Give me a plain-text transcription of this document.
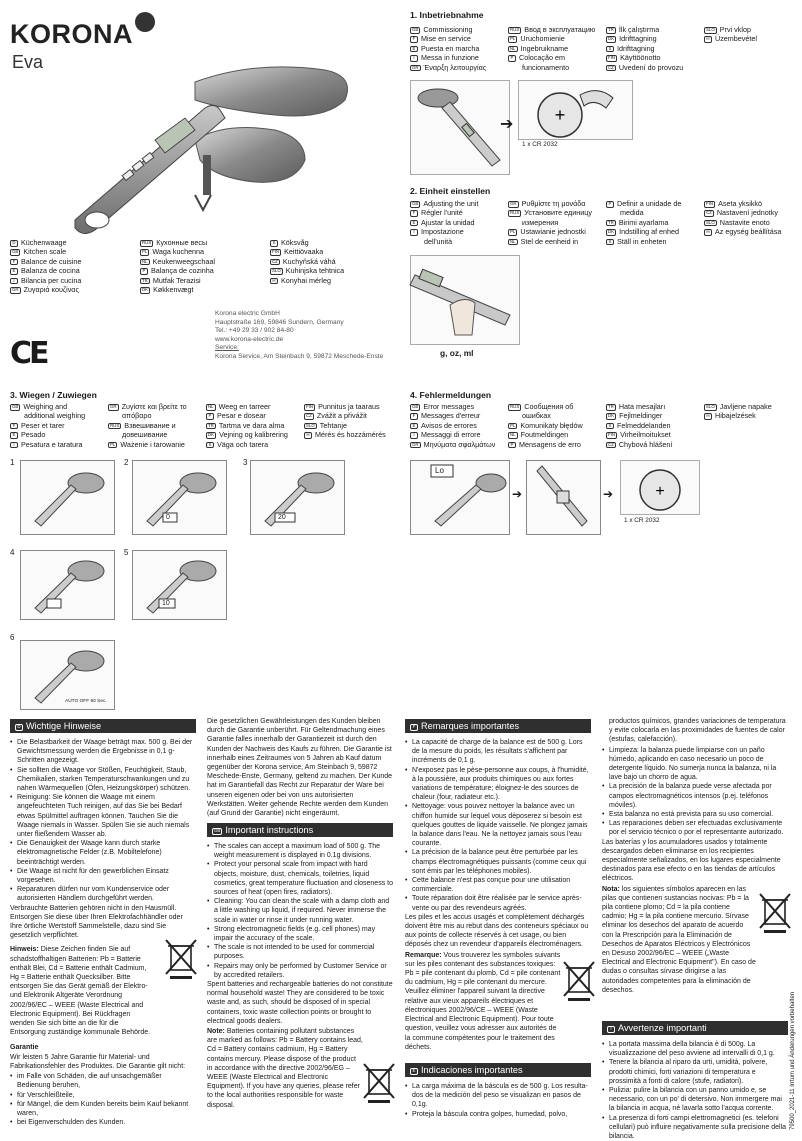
KORONA
Eva
D Küchenwaage
GB Kitchen scale
F Balance de cuisine
E Balanza de cocina
I Bilancia per cucina
GR Ζυγαριά κουζίνας
RUS Кухонные весы
PL Waga kuchenna
NL Keukenweegschaal
P Balança de cozinha
TR Mutfak Terazisi
DK Køkkenvægt
S Köksvåg
FIN Keittiövaaka
CZ Kuchyňská váhá
SLO Kuhinjska tehtnica
H Konyhai mérleg
Korona electric GmbH
Hauptstraße 169, 59846 Sundern, Germany
Tel.: +49 29 33 / 902 84-80
www.korona-electric.de
Service:
Korona Service, Am Steinbach 9, 59872 Meschede-Enste
CE
1. Inbetriebnahme
GB Commissioning
F Mise en service
E Puesta en marcha
I Messa in funzione
GR Έναρξη λειτουργίας
RUS Ввод в эксплуатацию
PL Uruchomienie
NL Ingebruikname
P Colocação em
funcionamento
TR İlk çalıştırma
DK Idrifttagning
S Idrifttagning
FIN Käyttöönotto
CZ Uvedení do provozu
SLO Prvi vklop
H Üzembevétel
➔ +
1 x CR 2032
2. Einheit einstellen
GB Adjusting the unit
F Régler l'unité
E Ajustar la unidad
I Impostazione
dell'unità
GR Ρυθμίστε τη μονάδα
RUS Установите единицу
измерения
PL Ustawianie jednostki
NL Stel de eenheid in
P Definir a unidade de
medida
TR Birimi ayarlama
DK Indstilling af enhed
S Ställ in enheten
FIN Aseta yksikkö
CZ Nastavení jednotky
SLO Nastavite enoto
H Az egység beállítása
g, oz, ml
3. Wiegen / Zuwiegen
GB Weighing and
additional weighing
F Peser et tarer
E Pesado
I Pesatura e taratura
GR Ζυγίστε και βρείτε το
απόβαρο
RUS Взвешивание и
довешивание
PL Ważenie i tarowanie
NL Weeg en tarreer
P Pesar e dosear
TR Tartma ve dara alma
DK Vejning og kalibrering
S Väga och tarera
FIN Punnitus ja taaraus
CZ Zvážit a přivážit
SLO Tehtanje
H Mérés és hozzámérés
1	2
0
3
20
4	5
10
6
AUTO OFF 60 Sec.
4. Fehlermeldungen
GB Error messages
F Messages d'erreur
E Avisos de errores
I Messaggi di errore
GR Μηνύματα σφαλμάτων
RUS Сообщения об
ошибках
PL Komunikaty błędów
NL Foutmeldingen
P Mensagens de erro
TR Hata mesajları
DK Fejlmeldinger
S Felmeddelanden
FIN Virheilmoitukset
CZ Chybová hlášení
SLO Javljene napake
H Hibajelzések
Lo
➔	➔	+
1 x CR 2032
D Wichtige Hinweise
• Die Belastbarkeit der Waage beträgt max. 500 g. Bei der Gewichtsmessung werden die Ergebnisse in 0,1 g-Schritten angezeigt.
• Sie sollten die Waage vor Stößen, Feuchtigkeit, Staub, Chemikalien, starken Temperaturschwankungen und zu nahen Wärmequellen (Öfen, Heizungskörper) schützen.
• Reinigung: Sie können die Waage mit einem angefeuchteten Tuch reinigen, auf das Sie bei Bedarf etwas Spülmittel auftragen können. Tauchen Sie die Waage niemals in Wasser. Spülen Sie sie auch niemals unter fließendem Wasser ab.
• Die Genauigkeit der Waage kann durch starke elektromagnetische Felder (z.B. Mobiltelefone) beeinträchtigt werden.
• Die Waage ist nicht für den gewerblichen Einsatz vorgesehen.
• Reparaturen dürfen nur vom Kundenservice oder autorisierten Händlern durchgeführt werden.

Verbrauchte Batterien gehören nicht in den Hausmüll. Entsorgen Sie diese über Ihren Elektrofachhändler oder Ihre örtliche Wertstoff Sammelstelle, dazu sind Sie gesetzlich verpflichtet.

Hinweis: Diese Zeichen finden Sie auf schadstoffhaltigen Batterien: Pb = Batterie enthält Blei, Cd = Batterie enthält Cadmium, Hg = Batterie enthält Quecksilber. Bitte entsorgen Sie das Gerät gemäß der Elektro- und Elektronik Altgeräte Verordnung 2002/96/EC – WEEE (Waste Electrical and Electronic Equipment). Bei Rückfragen wenden Sie sich bitte an die für die Entsorgung zuständige kommunale Behörde.

Garantie

Wir leisten 5 Jahre Garantie für Material- und Fabrikationsfehler des Produktes. Die Garantie gilt nicht:

• im Falle von Schäden, die auf unsachgemäßer Bedienung beruhen,
• für Verschleißteile,
• für Mängel, die dem Kunden bereits beim Kauf bekannt waren,
• bei Eigenverschulden des Kunden.
Die gesetzlichen Gewährleistungen des Kunden bleiben durch die Garantie unberührt. Für Geltendmachung eines Garantie falles innerhalb der Garantiezeit ist durch den Kunden der Nachweis des Kaufs zu führen. Die Garantie ist innerhalb eines Zeitraumes von 5 Jahren ab Kauf datum gegenüber der Korona service, Am Steinbach 9, 59872 Meschede-Enste, Germany, geltend zu machen. Der Kunde hat im Garantiefall das Recht zur Reparatur der Ware bei unseren eigenen oder bei von uns autorisierten Werkstätten. Weiter gehende Rechte werden dem Kunden (auf Grund der Garantie) nicht eingeräumt.
GB Important instructions
• The scales can accept a maximum load of 500 g. The weight measurement is displayed in 0.1g divisions.
• Protect your personal scale from impact with hard objects, moisture, dust, chemicals, toiletries, liquid cosmetics, great temperature fluctuation and closeness to sources of heat (open fires, radiators).
• Cleaning: You can clean the scale with a damp cloth and a little washing up liquid, if required. Never immerse the scale in water or rinse it under running water.
• Strong electromagnetic fields (e.g. cell phones) may impair the accuracy of the scale.
• The scale is not intended to be used for commercial purposes.
• Repairs may only be performed by Customer Service or by accredited retailers.

Spent batteries and rechargeable batteries do not constitute normal household waste! They are considered to be toxic waste and, as such, should be disposed of in special containers, toxic waste collection points or brought to electrical goods dealers.

Note: Batteries containing pollutant substances are marked as follows: Pb = Battery contains lead, Cd = Battery contains cadmium, Hg = Battery contains mercury. Please dispose of the product in accordance with the directive 2002/96/EG – WEEE (Waste Electrical and Electronic Equipment). If you have any queries, please refer to the local authorities responsible for waste disposal.

F Remarques importantes
• La capacité de charge de la balance est de 500 g. Lors de la mesure du poids, les résultats s'affichent par incréments de 0,1 g.
• N'exposez pas le pèse-personne aux coups, à l'humidité, à la poussière, aux produits chimiques ou aux fortes variations de température; éloignez-le des sources de chaleur (four, radiateur etc.).
• Nettoyage: vous pouvez nettoyer la balance avec un chiffon humide sur lequel vous déposerez si besoin est quelques gouttes de liquide vaisselle. Ne plongez jamais la balance dans l'eau. Ne la nettoyez jamais sous l'eau courante.
• La précision de la balance peut être perturbée par les champs électromagnétiques puissants (comme ceux qui sont émis par les téléphones mobiles).
• Cette balance n'est pas conçue pour une utilisation commerciale.
• Toute réparation doit être réalisée par le service après-vente ou par des revendeurs agréés.

Les piles et les accus usagés et complètement déchargés doivent être mis au rebut dans des conteneurs spéciaux ou aux points de collecte réservés à cet usage, ou bien déposés chez un revendeur d'appareils électroménagers.

Remarque: Vous trouverez les symboles suivants sur les piles contenant des substances toxiques: Pb = pile contenant du plomb, Cd = pile contenant du cadmium, Hg = pile contenant du mercure. Veuillez éliminer l'appareil suivant la directive relative aux vieux appareils électriques et électroniques 2002/96/CE – WEEE (Waste Electrical and Electronic Equipment). Pour toute question, veuillez vous adresser aux autorités de la commune compétentes pour le traitement des déchets.

E Indicaciones importantes
• La carga máxima de la báscula es de 500 g. Los resulta- dos de la medición del peso se visualizan en pasos de 0,1g.
• Proteja la báscula contra golpes, humedad, polvo,

productos químicos, grandes variaciones de temperatura y evite colocarla en las proximidades de fuentes de calor (estufas, calefacción).

• Limpieza: la balanza puede limpiarse con un paño húmedo, aplicando en caso necesario un poco de detergente líquido. No sumerja nunca la balanza, ni la lave bajo un chorro de agua.
• La precisión de la balanza puede verse afectada por campos electromagnéticos intensos (p.ej. teléfonos móviles).
• Esta balanza no está prevista para su uso comercial.
• Las reparaciones deben ser efectuadas exclusivamente por el servicio técnico o por el representante autorizado.

Las baterías y los acumuladores usados y totalmente descargados deben eliminarse en los recipientes especialmente señalizados, en los lugares especialmente destinados para ese efecto o en las tiendas de artículos eléctricos.

Nota: los siguientes símbolos aparecen en las pilas que contienen sustancias nocivas: Pb = la pila contiene plomo; Cd = la pila contiene cadmio; Hg = la pila contiene mercurio. Sírvase eliminar los desechos del aparato de acuerdo con la Prescripción para la Eliminación de Desechos de Aparatos Eléctricos y Electrónicos en Desuso 2002/96/EC – WEEE („Waste Electrical and Electronic Equipment"). En caso de dudas o consultas sírvase dirigirse a las autoridades competentes para la eliminación de desechos.

I Avvertenze importanti
• La portata massima della bilancia è di 500g. La visualizzazione del peso avviene ad intervalli di 0,1 g.
• Tenere la bilancia al riparo da urti, umidità, polvere, prodotti chimici, forti variazioni di temperatura e prossimità a fonti di calore (stufe, radiatori).
• Pulizia: pulire la bilancia con un panno umido e, se necessario, con un po' di detersivo. Non immergere mai la bilancia in acqua, né lavarla sotto l'acqua corrente.
• La presenza di forti campi elettromagnetici (es. telefoni cellulari) può influire negativamente sulla precisione della bilancia.
79500_2021-11 Irrtum und Änderungen vorbehalten
